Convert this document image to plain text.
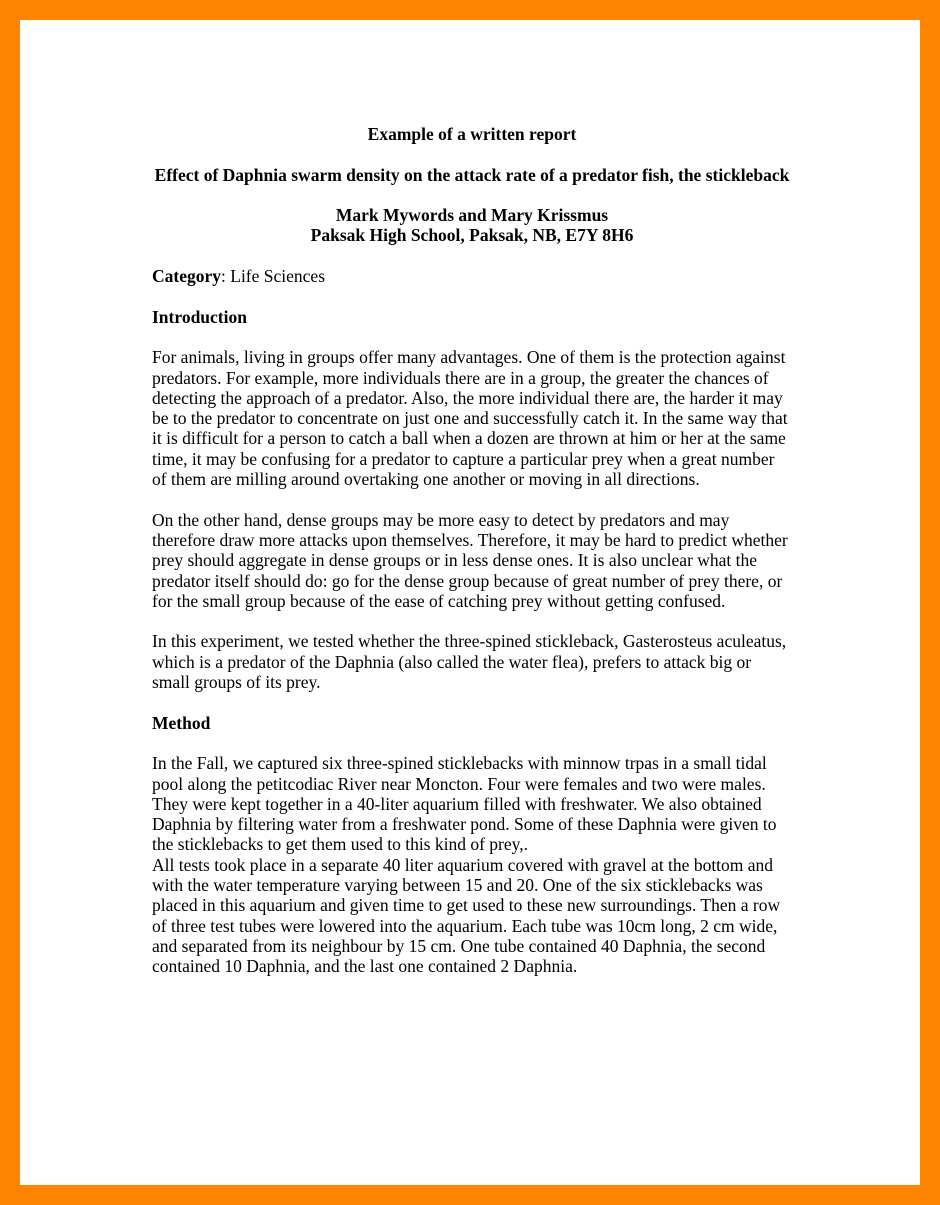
Example of a written report

Effect of Daphnia swarm density on the attack rate of a predator fish, the stickleback

Mark Mywords and Mary Krissmus

Paksak High School, Paksak, NB, E7Y 8H6

Category: Life Sciences

Introduction

For animals, living in groups offer many advantages. One of them is the protection against predators. For example, more individuals there are in a group, the greater the chances of detecting the approach of a predator. Also, the more individual there are, the harder it may be to the predator to concentrate on just one and successfully catch it. In the same way that it is difficult for a person to catch a ball when a dozen are thrown at him or her at the same time, it may be confusing for a predator to capture a particular prey when a great number of them are milling around overtaking one another or moving in all directions.

On the other hand, dense groups may be more easy to detect by predators and may therefore draw more attacks upon themselves. Therefore, it may be hard to predict whether prey should aggregate in dense groups or in less dense ones. It is also unclear what the predator itself should do: go for the dense group because of great number of prey there, or for the small group because of the ease of catching prey without getting confused.

In this experiment, we tested whether the three-spined stickleback, Gasterosteus aculeatus, which is a predator of the Daphnia (also called the water flea), prefers to attack big or small groups of its prey.

Method

In the Fall, we captured six three-spined sticklebacks with minnow trpas in a small tidal pool along the petitcodiac River near Moncton. Four were females and two were males. They were kept together in a 40-liter aquarium filled with freshwater. We also obtained Daphnia by filtering water from a freshwater pond. Some of these Daphnia were given to the sticklebacks to get them used to this kind of prey,.

All tests took place in a separate 40 liter aquarium covered with gravel at the bottom and with the water temperature varying between 15 and 20. One of the six sticklebacks was placed in this aquarium and given time to get used to these new surroundings. Then a row of three test tubes were lowered into the aquarium. Each tube was 10cm long, 2 cm wide, and separated from its neighbour by 15 cm. One tube contained 40 Daphnia, the second contained 10 Daphnia, and the last one contained 2 Daphnia.
